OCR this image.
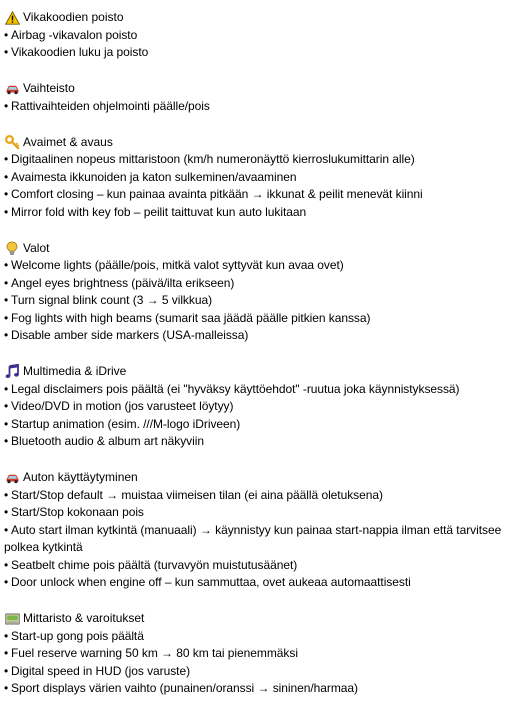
Vikakoodien poisto
• Airbag -vikavalon poisto
• Vikakoodien luku ja poisto
Vaihteisto
• Rattivaihteiden ohjelmointi päälle/pois
Avaimet & avaus
• Digitaalinen nopeus mittaristoon (km/h numeronäyttö kierroslukumittarin alle)
• Avaimesta ikkunoiden ja katon sulkeminen/avaaminen
• Comfort closing – kun painaa avainta pitkään → ikkunat & peilit menevät kiinni
• Mirror fold with key fob – peilit taittuvat kun auto lukitaan
Valot
• Welcome lights (päälle/pois, mitkä valot syttyvät kun avaa ovet)
• Angel eyes brightness (päivä/ilta erikseen)
• Turn signal blink count (3 → 5 vilkkua)
• Fog lights with high beams (sumarit saa jäädä päälle pitkien kanssa)
• Disable amber side markers (USA-malleissa)
Multimedia & iDrive
• Legal disclaimers pois päältä (ei "hyväksy käyttöehdot" -ruutua joka käynnistyksessä)
• Video/DVD in motion (jos varusteet löytyy)
• Startup animation (esim. ///M-logo iDriveen)
• Bluetooth audio & album art näkyviin
Auton käyttäytyminen
• Start/Stop default → muistaa viimeisen tilan (ei aina päällä oletuksena)
• Start/Stop kokonaan pois
• Auto start ilman kytkintä (manuaali) → käynnistyy kun painaa start-nappia ilman että tarvitsee polkea kytkintä
• Seatbelt chime pois päältä (turvavyön muistutusäänet)
• Door unlock when engine off – kun sammuttaa, ovet aukeaa automaattisesti
Mittaristo & varoitukset
• Start-up gong pois päältä
• Fuel reserve warning 50 km → 80 km tai pienemmäksi
• Digital speed in HUD (jos varuste)
• Sport displays värien vaihto (punainen/oranssi → sininen/harmaa)
